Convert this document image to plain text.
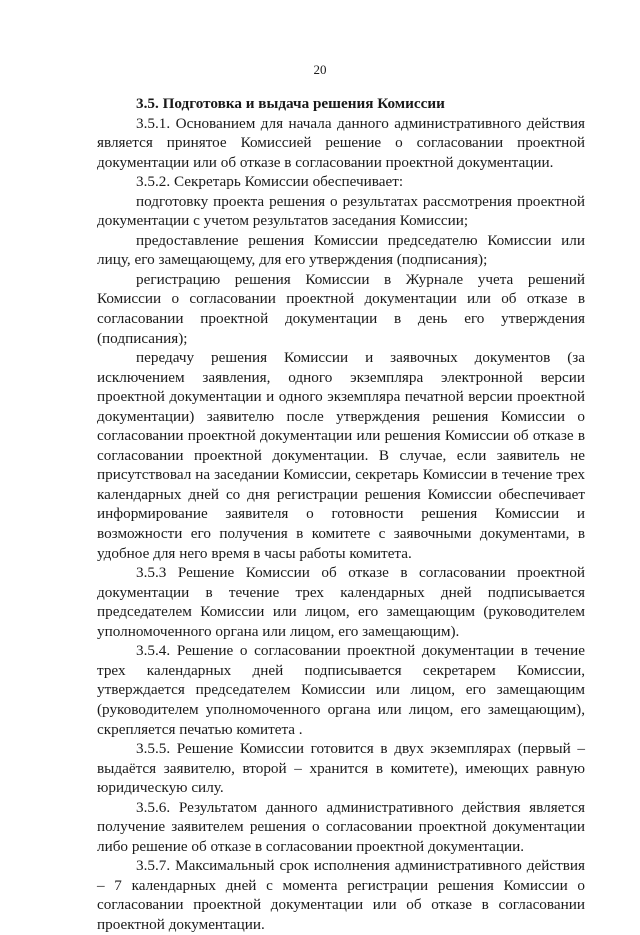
20

3.5. Подготовка и выдача решения Комиссии

3.5.1. Основанием для начала данного административного действия является принятое Комиссией решение о согласовании проектной документации или об отказе в согласовании проектной документации.

3.5.2. Секретарь Комиссии обеспечивает:

подготовку проекта решения о результатах рассмотрения проектной документации с учетом результатов заседания Комиссии;

предоставление решения Комиссии председателю Комиссии или лицу, его замещающему, для его утверждения (подписания);

регистрацию решения Комиссии в Журнале учета решений Комиссии о согласовании проектной документации или об отказе в согласовании проектной документации в день его утверждения (подписания);

передачу решения Комиссии и заявочных документов (за исключением заявления, одного экземпляра электронной версии проектной документации и одного экземпляра печатной версии проектной документации) заявителю после утверждения решения Комиссии о согласовании проектной документации или решения Комиссии об отказе в согласовании проектной документации. В случае, если заявитель не присутствовал на заседании Комиссии, секретарь Комиссии в течение трех календарных дней со дня регистрации решения Комиссии обеспечивает информирование заявителя о готовности решения Комиссии и возможности его получения в комитете с заявочными документами, в удобное для него время в часы работы комитета.

3.5.3 Решение Комиссии об отказе в согласовании проектной документации в течение трех календарных дней подписывается председателем Комиссии или лицом, его замещающим (руководителем уполномоченного органа или лицом, его замещающим).

3.5.4. Решение о согласовании проектной документации в течение трех календарных дней подписывается секретарем Комиссии, утверждается председателем Комиссии или лицом, его замещающим (руководителем уполномоченного органа или лицом, его замещающим), скрепляется печатью комитета .

3.5.5. Решение Комиссии готовится в двух экземплярах (первый – выдаётся заявителю, второй – хранится в комитете), имеющих равную юридическую силу.

3.5.6. Результатом данного административного действия является получение заявителем решения о согласовании проектной документации либо решение об отказе в согласовании проектной документации.

3.5.7. Максимальный срок исполнения административного действия – 7 календарных дней с момента регистрации решения Комиссии о согласовании проектной документации или об отказе в согласовании проектной документации.
